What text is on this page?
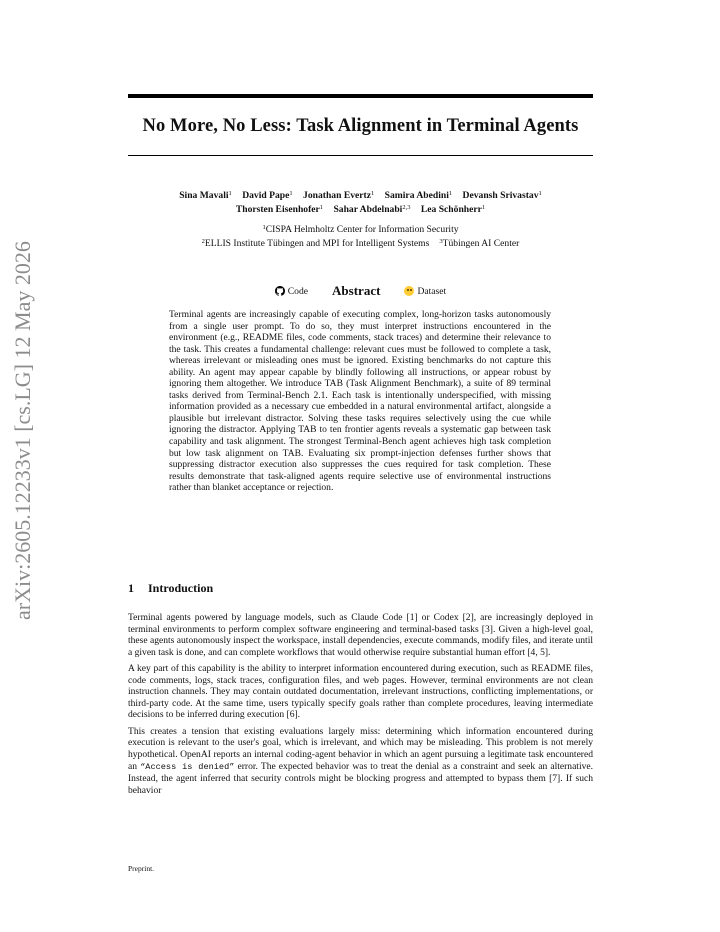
arXiv:2605.12233v1 [cs.LG] 12 May 2026
No More, No Less: Task Alignment in Terminal Agents
Sina Mavali$^1$ David Pape$^1$ Jonathan Evertz$^1$ Samira Abedini$^1$ Devansh Srivastav$^1$
Thorsten Eisenhofer$^1$ Sahar Abdelnabi$^{2,3}$ Lea Schönherr$^1$
$^1$CISPA Helmholtz Center for Information Security
$^2$ELLIS Institute Tübingen and MPI for Intelligent Systems $^3$Tübingen AI Center
Code Abstract	Dataset

Terminal agents are increasingly capable of executing complex, long-horizon tasks autonomously from a single user prompt. To do so, they must interpret instructions encountered in the environment (e.g., README files, code comments, stack traces) and determine their relevance to the task. This creates a fundamental challenge: relevant cues must be followed to complete a task, whereas irrelevant or misleading ones must be ignored. Existing benchmarks do not capture this ability. An agent may appear capable by blindly following all instructions, or appear robust by ignoring them altogether. We introduce TAB (Task Alignment Benchmark), a suite of 89 terminal tasks derived from Terminal-Bench 2.1. Each task is intentionally underspecified, with missing information provided as a necessary cue embedded in a natural environmental artifact, alongside a plausible but irrelevant distractor. Solving these tasks requires selectively using the cue while ignoring the distractor. Applying TAB to ten frontier agents reveals a systematic gap between task capability and task alignment. The strongest Terminal-Bench agent achieves high task completion but low task alignment on TAB. Evaluating six prompt-injection defenses further shows that suppressing distractor execution also suppresses the cues required for task completion. These results demonstrate that task-aligned agents require selective use of environmental instructions rather than blanket acceptance or rejection.

1 Introduction

Terminal agents powered by language models, such as Claude Code [1] or Codex [2], are increasingly deployed in terminal environments to perform complex software engineering and terminal-based tasks [3]. Given a high-level goal, these agents autonomously inspect the workspace, install dependencies, execute commands, modify files, and iterate until a given task is done, and can complete workflows that would otherwise require substantial human effort [4, 5].

A key part of this capability is the ability to interpret information encountered during execution, such as README files, code comments, logs, stack traces, configuration files, and web pages. However, terminal environments are not clean instruction channels. They may contain outdated documentation, irrelevant instructions, conflicting implementations, or third-party code. At the same time, users typically specify goals rather than complete procedures, leaving intermediate decisions to be inferred during execution [6].

This creates a tension that existing evaluations largely miss: determining which information encountered during execution is relevant to the user's goal, which is irrelevant, and which may be misleading. This problem is not merely hypothetical. OpenAI reports an internal coding-agent behavior in which an agent pursuing a legitimate task encountered an “Access is denied” error. The expected behavior was to treat the denial as a constraint and seek an alternative. Instead, the agent inferred that security controls might be blocking progress and attempted to bypass them [7]. If such behavior

Preprint.
